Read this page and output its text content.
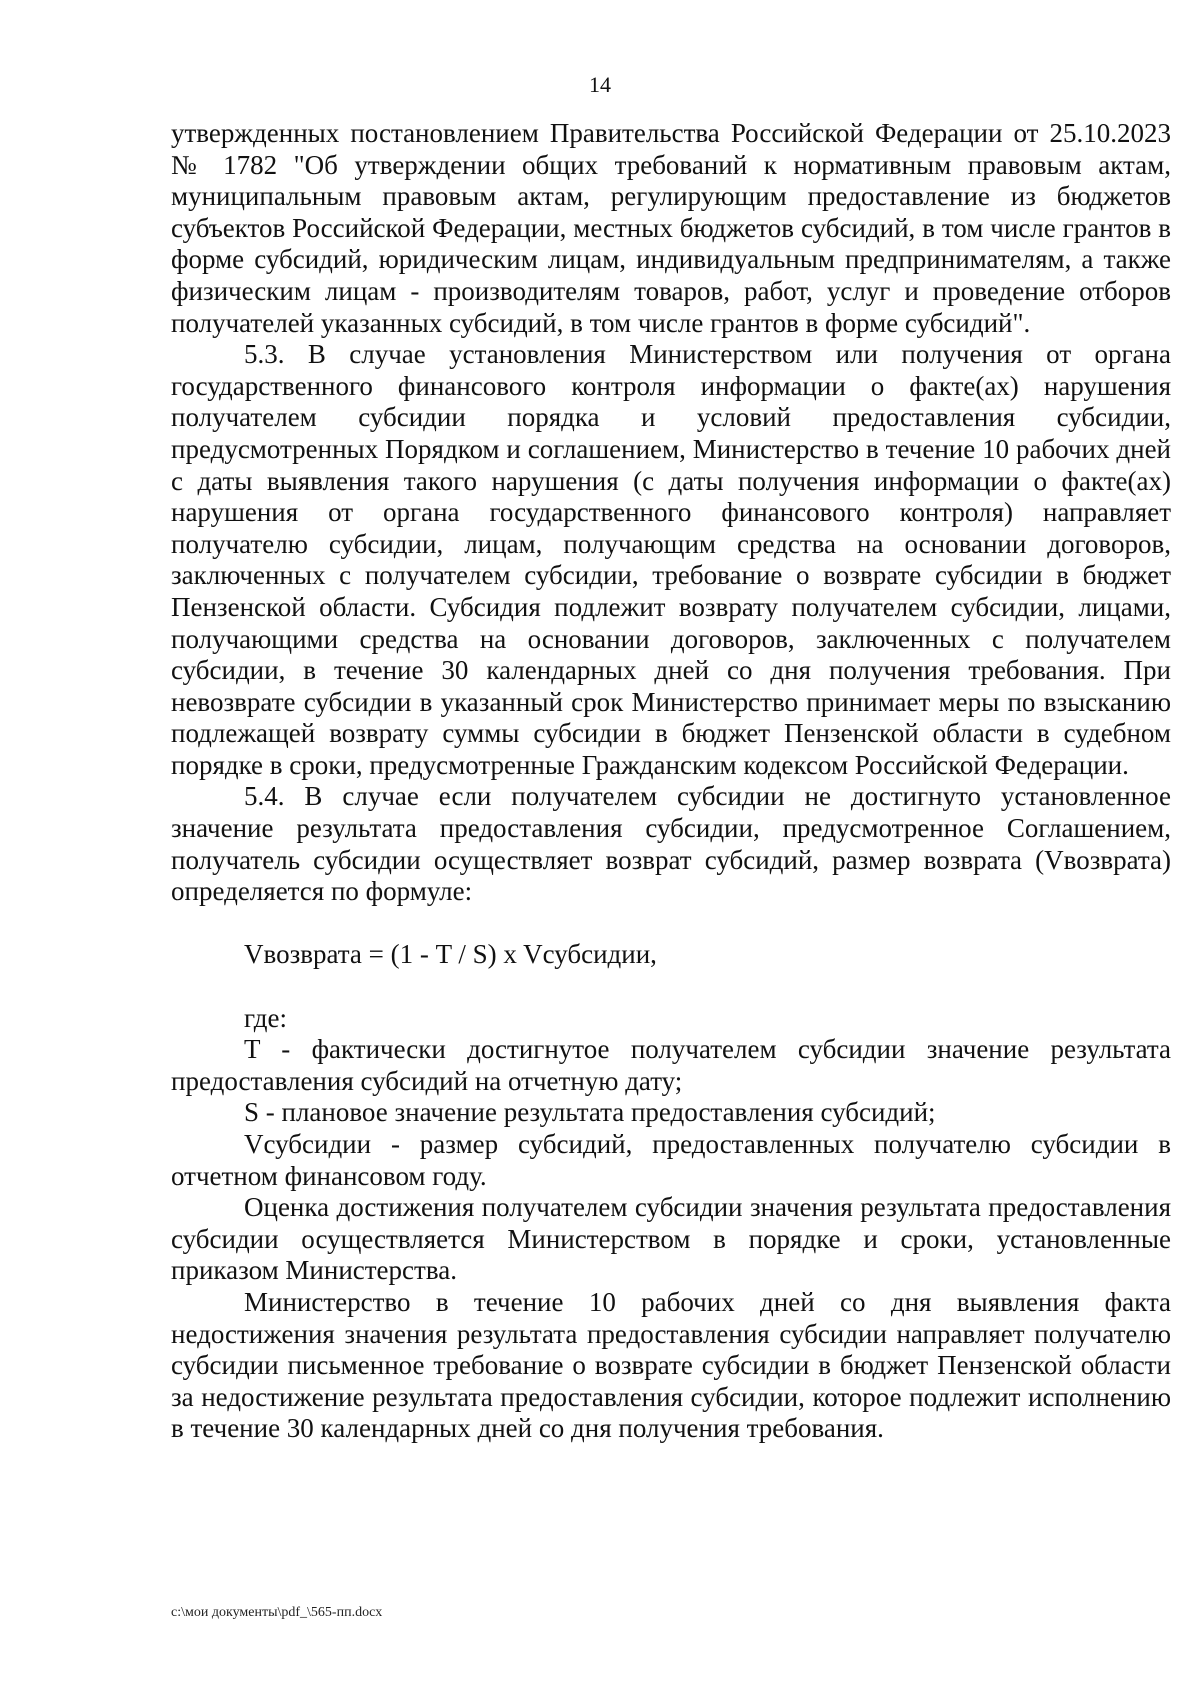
14

утвержденных постановлением Правительства Российской Федерации от 25.10.2023 № 1782 "Об утверждении общих требований к нормативным правовым актам, муниципальным правовым актам, регулирующим предоставление из бюджетов субъектов Российской Федерации, местных бюджетов субсидий, в том числе грантов в форме субсидий, юридическим лицам, индивидуальным предпринимателям, а также физическим лицам - производителям товаров, работ, услуг и проведение отборов получателей указанных субсидий, в том числе грантов в форме субсидий".

5.3. В случае установления Министерством или получения от органа государственного финансового контроля информации о факте(ах) нарушения получателем субсидии порядка и условий предоставления субсидии, предусмотренных Порядком и соглашением, Министерство в течение 10 рабочих дней с даты выявления такого нарушения (с даты получения информации о факте(ах) нарушения от органа государственного финансового контроля) направляет получателю субсидии, лицам, получающим средства на основании договоров, заключенных с получателем субсидии, требование о возврате субсидии в бюджет Пензенской области. Субсидия подлежит возврату получателем субсидии, лицами, получающими средства на основании договоров, заключенных с получателем субсидии, в течение 30 календарных дней со дня получения требования. При невозврате субсидии в указанный срок Министерство принимает меры по взысканию подлежащей возврату суммы субсидии в бюджет Пензенской области в судебном порядке в сроки, предусмотренные Гражданским кодексом Российской Федерации.

5.4. В случае если получателем субсидии не достигнуто установленное значение результата предоставления субсидии, предусмотренное Соглашением, получатель субсидии осуществляет возврат субсидий, размер возврата (Vвозврата) определяется по формуле:

Vвозврата = (1 - T / S) x Vсубсидии,

где:

T - фактически достигнутое получателем субсидии значение результата предоставления субсидий на отчетную дату;

S - плановое значение результата предоставления субсидий;

Vсубсидии - размер субсидий, предоставленных получателю субсидии в отчетном финансовом году.

Оценка достижения получателем субсидии значения результата предоставления субсидии осуществляется Министерством в порядке и сроки, установленные приказом Министерства.

Министерство в течение 10 рабочих дней со дня выявления факта недостижения значения результата предоставления субсидии направляет получателю субсидии письменное требование о возврате субсидии в бюджет Пензенской области за недостижение результата предоставления субсидии, которое подлежит исполнению в течение 30 календарных дней со дня получения требования.

c:\мои документы\pdf_\565-пп.docx
